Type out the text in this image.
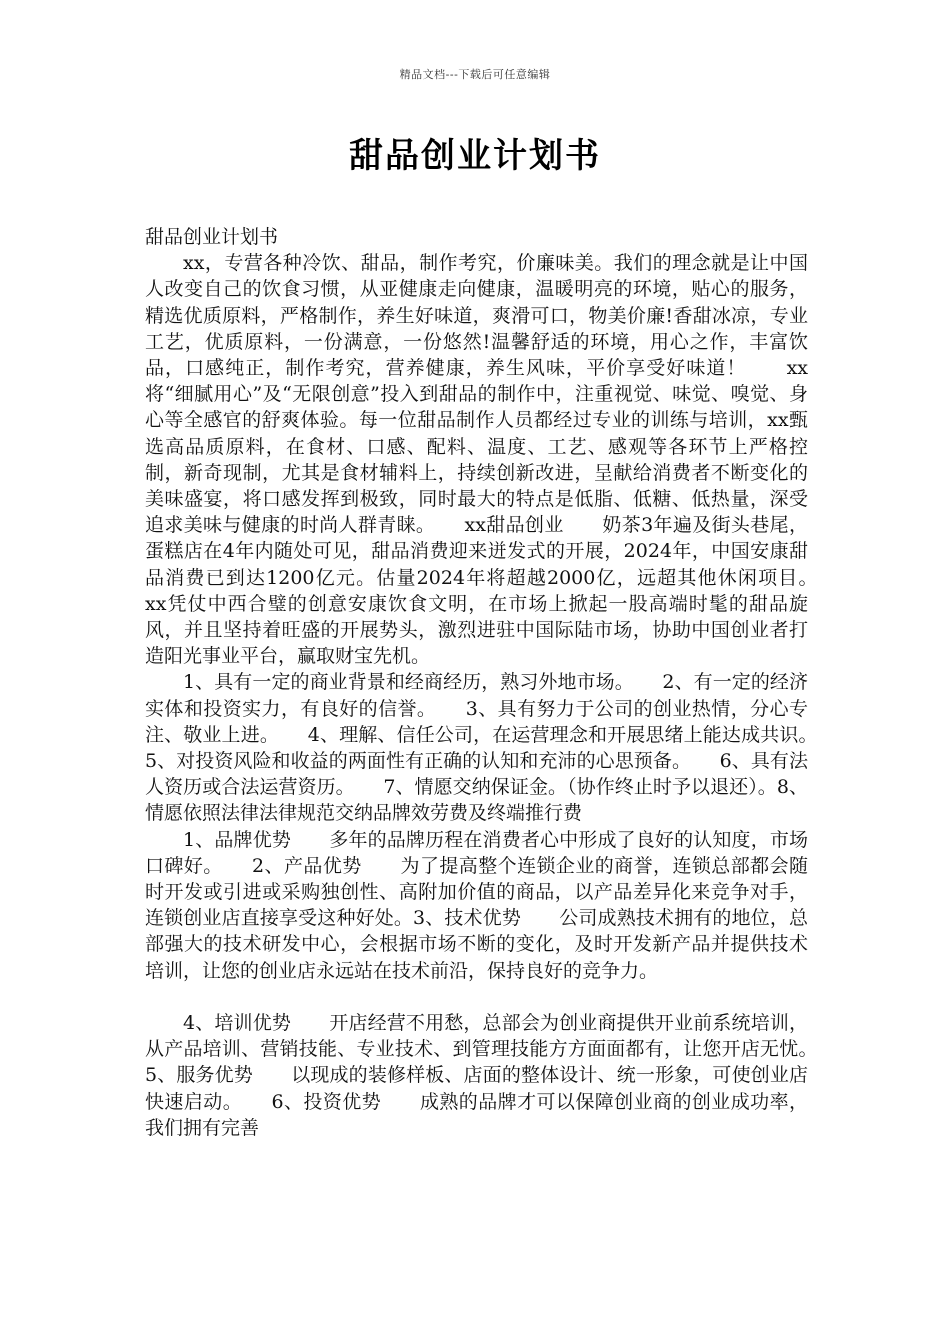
精品文档---下载后可任意编辑
甜品创业计划书

甜品创业计划书

xx，专营各种冷饮、甜品，制作考究，价廉味美。我们的理念就是让中国人改变自己的饮食习惯，从亚健康走向健康，温暖明亮的环境，贴心的服务，精选优质原料，严格制作，养生好味道，爽滑可口，物美价廉!香甜冰凉，专业工艺，优质原料，一份满意，一份悠然!温馨舒适的环境，用心之作，丰富饮品，口感纯正，制作考究，营养健康，养生风味，平价享受好味道！　　xx将“细腻用心”及“无限创意”投入到甜品的制作中，注重视觉、味觉、嗅觉、身心等全感官的舒爽体验。每一位甜品制作人员都经过专业的训练与培训，xx甄选高品质原料，在食材、口感、配料、温度、工艺、感观等各环节上严格控制，新奇现制，尤其是食材辅料上，持续创新改进，呈献给消费者不断变化的美味盛宴，将口感发挥到极致，同时最大的特点是低脂、低糖、低热量，深受追求美味与健康的时尚人群青睐。　　xx甜品创业　　奶茶3年遍及街头巷尾，蛋糕店在4年内随处可见，甜品消费迎来迸发式的开展，2024年，中国安康甜品消费已到达1200亿元。估量2024年将超越2000亿，远超其他休闲项目。　　xx凭仗中西合璧的创意安康饮食文明，在市场上掀起一股高端时髦的甜品旋风，并且坚持着旺盛的开展势头，激烈进驻中国际陆市场，协助中国创业者打造阳光事业平台，赢取财宝先机。

1、具有一定的商业背景和经商经历，熟习外地市场。　　2、有一定的经济实体和投资实力，有良好的信誉。　　3、具有努力于公司的创业热情，分心专注、敬业上进。　　4、理解、信任公司，在运营理念和开展思绪上能达成共识。　　5、对投资风险和收益的两面性有正确的认知和充沛的心思预备。　　6、具有法人资历或合法运营资历。　　7、情愿交纳保证金。（协作终止时予以退还）。8、情愿依照法律法律规范交纳品牌效劳费及终端推行费

1、品牌优势　　多年的品牌历程在消费者心中形成了良好的认知度，市场口碑好。　　2、产品优势　　为了提高整个连锁企业的商誉，连锁总部都会随时开发或引进或采购独创性、高附加价值的商品，以产品差异化来竞争对手，连锁创业店直接享受这种好处。3、技术优势　　公司成熟技术拥有的地位，总部强大的技术研发中心，会根据市场不断的变化，及时开发新产品并提供技术培训，让您的创业店永远站在技术前沿，保持良好的竞争力。

4、培训优势　　开店经营不用愁，总部会为创业商提供开业前系统培训，从产品培训、营销技能、专业技术、到管理技能方方面面都有，让您开店无忧。　　5、服务优势　　以现成的装修样板、店面的整体设计、统一形象，可使创业店快速启动。　　6、投资优势　　成熟的品牌才可以保障创业商的创业成功率，我们拥有完善
